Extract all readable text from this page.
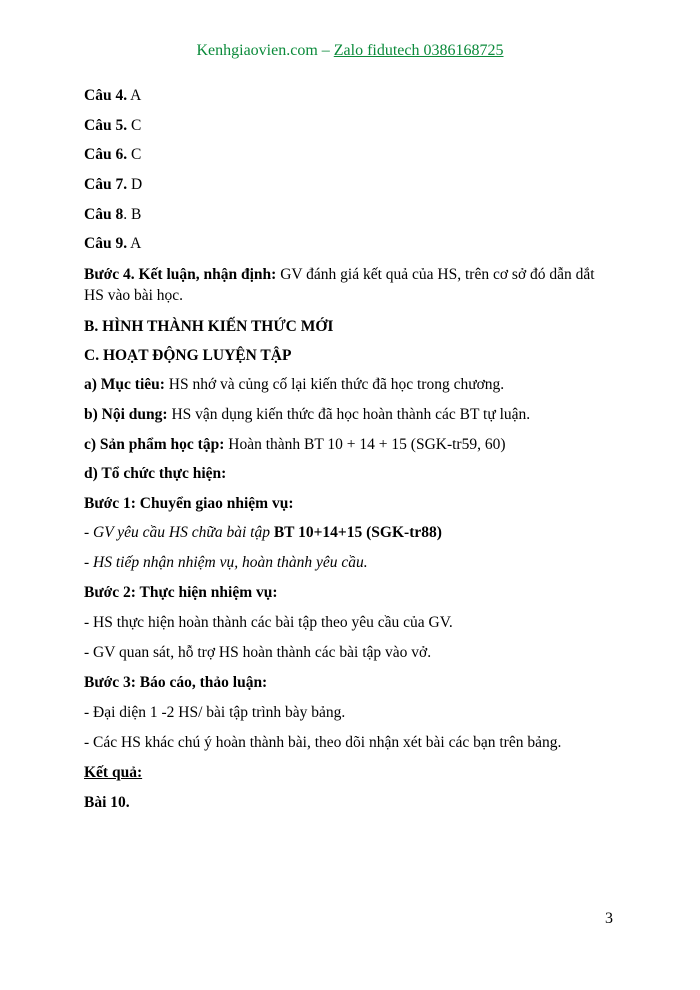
Kenhgiaovien.com – Zalo fidutech 0386168725
Câu 4. A
Câu 5. C
Câu 6. C
Câu 7. D
Câu 8. B
Câu 9. A
Bước 4. Kết luận, nhận định: GV đánh giá kết quả của HS, trên cơ sở đó dẫn dắt HS vào bài học.
B. HÌNH THÀNH KIẾN THỨC MỚI
C. HOẠT ĐỘNG LUYỆN TẬP
a) Mục tiêu: HS nhớ và củng cố lại kiến thức đã học trong chương.
b) Nội dung: HS vận dụng kiến thức đã học hoàn thành các BT tự luận.
c) Sản phẩm học tập: Hoàn thành BT 10 + 14 + 15 (SGK-tr59, 60)
d) Tổ chức thực hiện:
Bước 1: Chuyển giao nhiệm vụ:
- GV yêu cầu HS chữa bài tập BT 10+14+15 (SGK-tr88)
- HS tiếp nhận nhiệm vụ, hoàn thành yêu cầu.
Bước 2: Thực hiện nhiệm vụ:
- HS thực hiện hoàn thành các bài tập theo yêu cầu của GV.
- GV quan sát, hỗ trợ HS hoàn thành các bài tập vào vở.
Bước 3: Báo cáo, thảo luận:
- Đại diện 1 -2 HS/ bài tập trình bày bảng.
- Các HS khác chú ý hoàn thành bài, theo dõi nhận xét bài các bạn trên bảng.
Kết quả:
Bài 10.
3
